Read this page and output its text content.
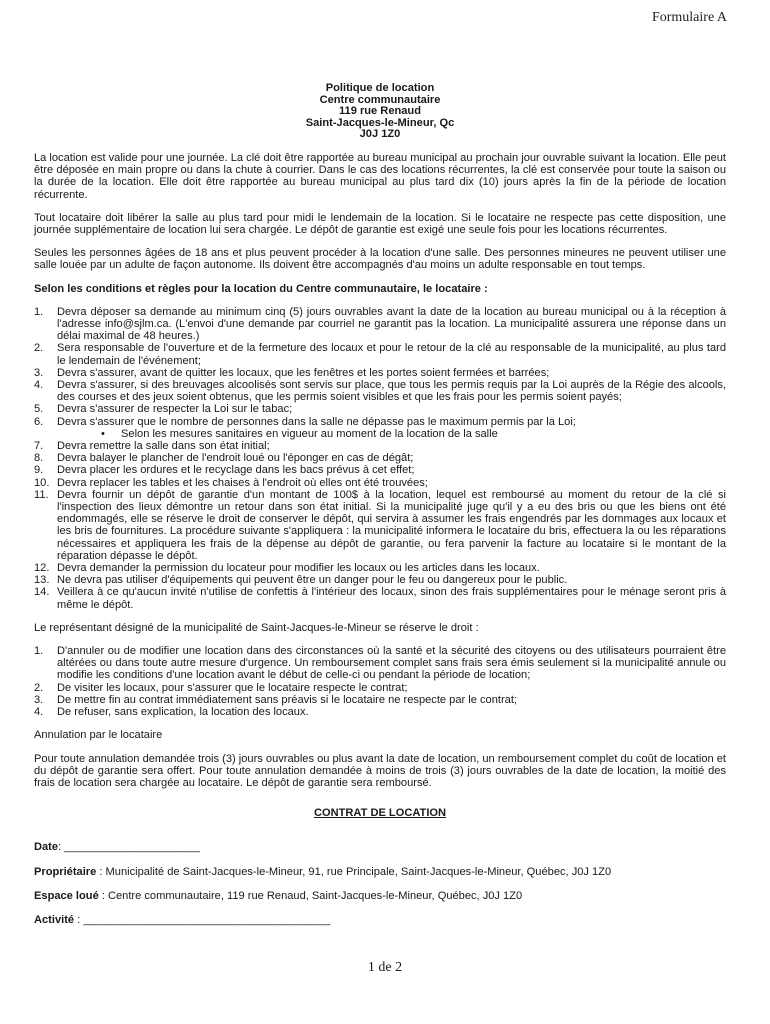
Formulaire A
Politique de location
Centre communautaire
119 rue Renaud
Saint-Jacques-le-Mineur, Qc
J0J 1Z0

La location est valide pour une journée. La clé doit être rapportée au bureau municipal au prochain jour ouvrable suivant la location. Elle peut être déposée en main propre ou dans la chute à courrier. Dans le cas des locations récurrentes, la clé est conservée pour toute la saison ou la durée de la location. Elle doit être rapportée au bureau municipal au plus tard dix (10) jours après la fin de la période de location récurrente.

Tout locataire doit libérer la salle au plus tard pour midi le lendemain de la location. Si le locataire ne respecte pas cette disposition, une journée supplémentaire de location lui sera chargée. Le dépôt de garantie est exigé une seule fois pour les locations récurrentes.

Seules les personnes âgées de 18 ans et plus peuvent procéder à la location d'une salle. Des personnes mineures ne peuvent utiliser une salle louée par un adulte de façon autonome. Ils doivent être accompagnés d'au moins un adulte responsable en tout temps.

Selon les conditions et règles pour la location du Centre communautaire, le locataire :

1. Devra déposer sa demande au minimum cinq (5) jours ouvrables avant la date de la location au bureau municipal ou à la réception à l'adresse info@sjlm.ca. (L'envoi d'une demande par courriel ne garantit pas la location. La municipalité assurera une réponse dans un délai maximal de 48 heures.)
2. Sera responsable de l'ouverture et de la fermeture des locaux et pour le retour de la clé au responsable de la municipalité, au plus tard le lendemain de l'événement;
3. Devra s'assurer, avant de quitter les locaux, que les fenêtres et les portes soient fermées et barrées;
4. Devra s'assurer, si des breuvages alcoolisés sont servis sur place, que tous les permis requis par la Loi auprès de la Régie des alcools, des courses et des jeux soient obtenus, que les permis soient visibles et que les frais pour les permis soient payés;
5. Devra s'assurer de respecter la Loi sur le tabac;
6. Devra s'assurer que le nombre de personnes dans la salle ne dépasse pas le maximum permis par la Loi;
• Selon les mesures sanitaires en vigueur au moment de la location de la salle
7. Devra remettre la salle dans son état initial;
8. Devra balayer le plancher de l'endroit loué ou l'éponger en cas de dégât;
9. Devra placer les ordures et le recyclage dans les bacs prévus à cet effet;
10. Devra replacer les tables et les chaises à l'endroit où elles ont été trouvées;
11. Devra fournir un dépôt de garantie d'un montant de 100$ à la location, lequel est remboursé au moment du retour de la clé si l'inspection des lieux démontre un retour dans son état initial. Si la municipalité juge qu'il y a eu des bris ou que les biens ont été endommagés, elle se réserve le droit de conserver le dépôt, qui servira à assumer les frais engendrés par les dommages aux locaux et les bris de fournitures. La procédure suivante s'appliquera : la municipalité informera le locataire du bris, effectuera la ou les réparations nécessaires et appliquera les frais de la dépense au dépôt de garantie, ou fera parvenir la facture au locataire si le montant de la réparation dépasse le dépôt.
12. Devra demander la permission du locateur pour modifier les locaux ou les articles dans les locaux.
13. Ne devra pas utiliser d'équipements qui peuvent être un danger pour le feu ou dangereux pour le public.
14. Veillera à ce qu'aucun invité n'utilise de confettis à l'intérieur des locaux, sinon des frais supplémentaires pour le ménage seront pris à même le dépôt.

Le représentant désigné de la municipalité de Saint-Jacques-le-Mineur se réserve le droit :

1. D'annuler ou de modifier une location dans des circonstances où la santé et la sécurité des citoyens ou des utilisateurs pourraient être altérées ou dans toute autre mesure d'urgence. Un remboursement complet sans frais sera émis seulement si la municipalité annule ou modifie les conditions d'une location avant le début de celle-ci ou pendant la période de location;
2. De visiter les locaux, pour s'assurer que le locataire respecte le contrat;
3. De mettre fin au contrat immédiatement sans préavis si le locataire ne respecte par le contrat;
4. De refuser, sans explication, la location des locaux.

Annulation par le locataire

Pour toute annulation demandée trois (3) jours ouvrables ou plus avant la date de location, un remboursement complet du coût de location et du dépôt de garantie sera offert. Pour toute annulation demandée à moins de trois (3) jours ouvrables de la date de location, la moitié des frais de location sera chargée au locataire. Le dépôt de garantie sera remboursé.

CONTRAT DE LOCATION
Date: ______________________
Propriétaire : Municipalité de Saint-Jacques-le-Mineur, 91, rue Principale, Saint-Jacques-le-Mineur, Québec, J0J 1Z0
Espace loué : Centre communautaire, 119 rue Renaud, Saint-Jacques-le-Mineur, Québec, J0J 1Z0
Activité : ________________________________________
1 de 2
